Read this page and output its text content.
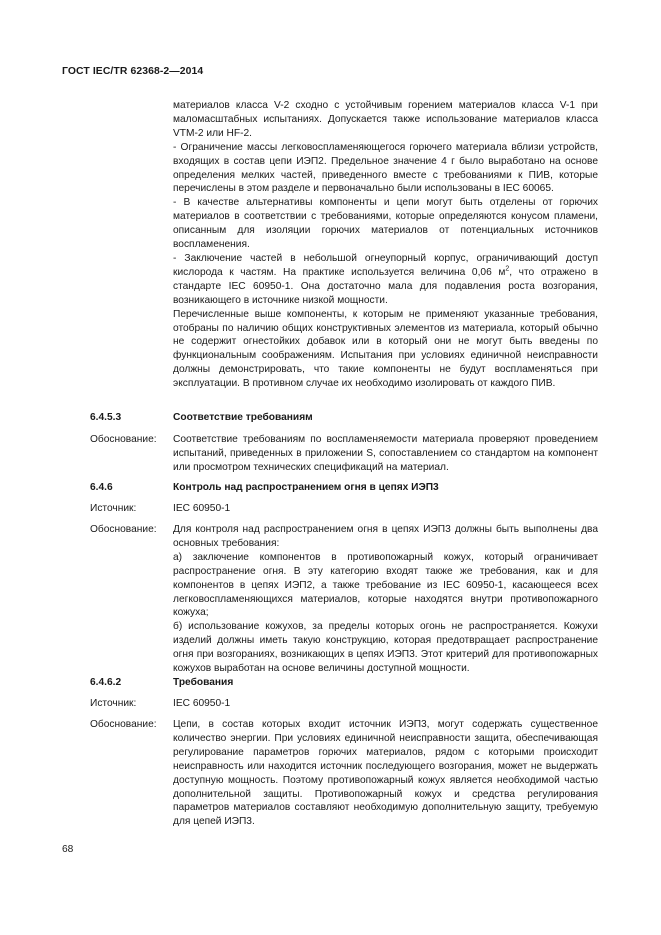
ГОСТ IEC/TR 62368-2—2014

материалов класса V-2 сходно с устойчивым горением материалов класса V-1 при маломасштабных испытаниях. Допускается также использование материалов класса VTM-2 или HF-2.

- Ограничение массы легковоспламеняющегося горючего материала вблизи устройств, входящих в состав цепи ИЭП2. Предельное значение 4 г было выработано на основе определения мелких частей, приведенного вместе с требованиями к ПИВ, которые перечислены в этом разделе и первоначально были использованы в IEC 60065.

- В качестве альтернативы компоненты и цепи могут быть отделены от горючих материалов в соответствии с требованиями, которые определяются конусом пламени, описанным для изоляции горючих материалов от потенциальных источников воспламенения.

- Заключение частей в небольшой огнеупорный корпус, ограничивающий доступ кислорода к частям. На практике используется величина 0,06 $м^2$, что отражено в стандарте IEC 60950-1. Она достаточно мала для подавления роста возгорания, возникающего в источнике низкой мощности.

Перечисленные выше компоненты, к которым не применяют указанные требования, отобраны по наличию общих конструктивных элементов из материала, который обычно не содержит огнестойких добавок или в который они не могут быть введены по функциональным соображениям. Испытания при условиях единичной неисправности должны демонстрировать, что такие компоненты не будут воспламеняться при эксплуатации. В противном случае их необходимо изолировать от каждого ПИВ.

6.4.5.3	Соответствие требованиям
Обоснование: Соответствие требованиям по воспламеняемости материала проверяют проведением испытаний, приведенных в приложении S, сопоставлением со стандартом на компонент или просмотром технических спецификаций на материал.

6.4.6	Контроль над распространением огня в цепях ИЭП3
Источник:	IEC 60950-1
Обоснование: Для контроля над распространением огня в цепях ИЭП3 должны быть выполнены два основных требования:

а) заключение компонентов в противопожарный кожух, который ограничивает распространение огня. В эту категорию входят также же требования, как и для компонентов в цепях ИЭП2, а также требование из IEC 60950-1, касающееся всех легковоспламеняющихся материалов, которые находятся внутри противопожарного кожуха;

б) использование кожухов, за пределы которых огонь не распространяется. Кожухи изделий должны иметь такую конструкцию, которая предотвращает распространение огня при возгораниях, возникающих в цепях ИЭП3. Этот критерий для противопожарных кожухов выработан на основе величины доступной мощности.

6.4.6.2	Требования
Источник:	IEC 60950-1
Обоснование: Цепи, в состав которых входит источник ИЭП3, могут содержать существенное количество энергии. При условиях единичной неисправности защита, обеспечивающая регулирование параметров горючих материалов, рядом с которыми происходит неисправность или находится источник последующего возгорания, может не выдержать доступную мощность. Поэтому противопожарный кожух является необходимой частью дополнительной защиты. Противопожарный кожух и средства регулирования параметров материалов составляют необходимую дополнительную защиту, требуемую для цепей ИЭП3.

68
